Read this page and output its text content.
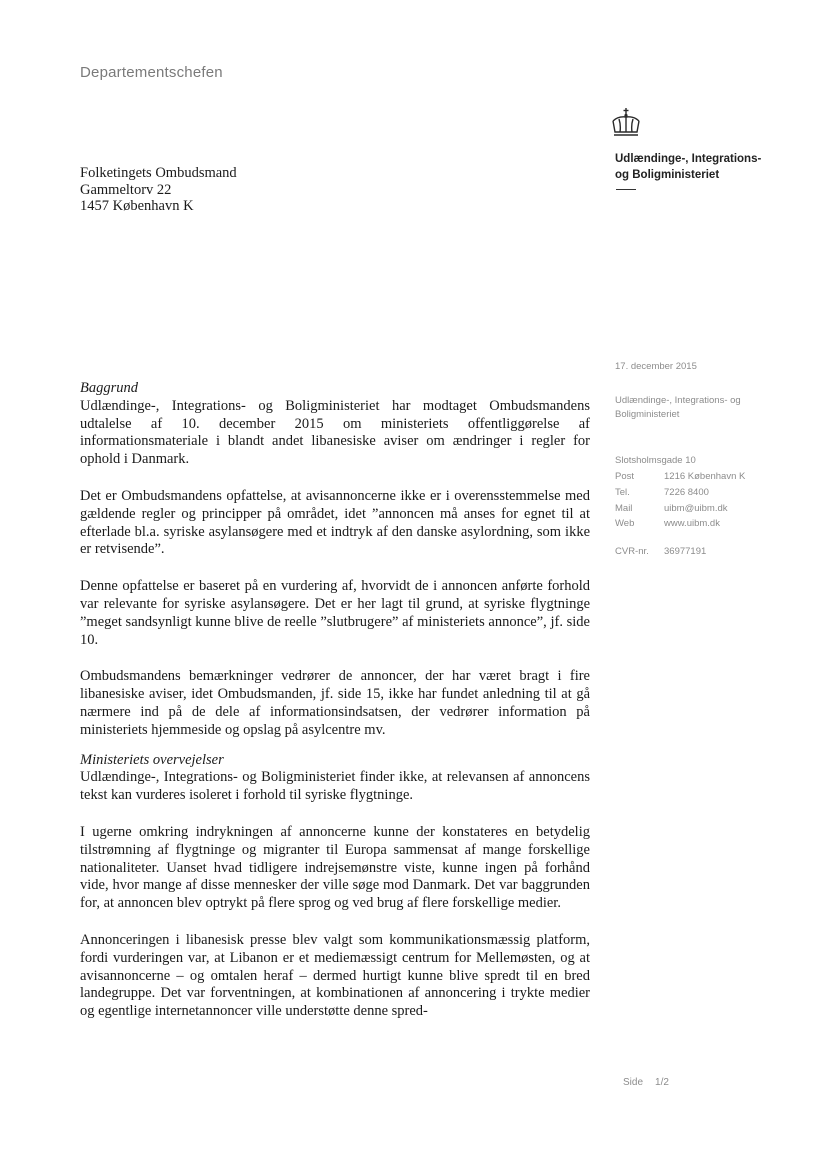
Departementschefen
Udlændinge-, Integrations-
og Boligministeriet
Folketingets Ombudsmand
Gammeltorv 22
1457 København K
17. december 2015
Udlændinge-, Integrations- og
Boligministeriet
Slotsholmsgade 10
Post	1216 København K
Tel.	7226 8400
Mail	uibm@uibm.dk
Web	www.uibm.dk
CVR-nr. 36977191

Baggrund

Udlændinge-, Integrations- og Boligministeriet har modtaget Ombudsmandens udtalelse af 10. december 2015 om ministeriets offentliggørelse af informationsmateriale i blandt andet libanesiske aviser om ændringer i regler for ophold i Danmark.

Det er Ombudsmandens opfattelse, at avisannoncerne ikke er i overensstemmelse med gældende regler og principper på området, idet ”annoncen må anses for egnet til at efterlade bl.a. syriske asylansøgere med et indtryk af den danske asylordning, som ikke er retvisende”.

Denne opfattelse er baseret på en vurdering af, hvorvidt de i annoncen anførte forhold var relevante for syriske asylansøgere. Det er her lagt til grund, at syriske flygtninge ”meget sandsynligt kunne blive de reelle ”slutbrugere” af ministeriets annonce”, jf. side 10.

Ombudsmandens bemærkninger vedrører de annoncer, der har været bragt i fire libanesiske aviser, idet Ombudsmanden, jf. side 15, ikke har fundet anledning til at gå nærmere ind på de dele af informationsindsatsen, der vedrører information på ministeriets hjemmeside og opslag på asylcentre mv.

Ministeriets overvejelser

Udlændinge-, Integrations- og Boligministeriet finder ikke, at relevansen af annoncens tekst kan vurderes isoleret i forhold til syriske flygtninge.

I ugerne omkring indrykningen af annoncerne kunne der konstateres en betydelig tilstrømning af flygtninge og migranter til Europa sammensat af mange forskellige nationaliteter. Uanset hvad tidligere indrejsemønstre viste, kunne ingen på forhånd vide, hvor mange af disse mennesker der ville søge mod Danmark. Det var baggrunden for, at annoncen blev optrykt på flere sprog og ved brug af flere forskellige medier.

Annonceringen i libanesisk presse blev valgt som kommunikationsmæssig platform, fordi vurderingen var, at Libanon er et mediemæssigt centrum for Mellemøsten, og at avisannoncerne – og omtalen heraf – dermed hurtigt kunne blive spredt til en bred landegruppe. Det var forventningen, at kombinationen af annoncering i trykte medier og egentlige internetannoncer ville understøtte denne spred-

Side 1/2
